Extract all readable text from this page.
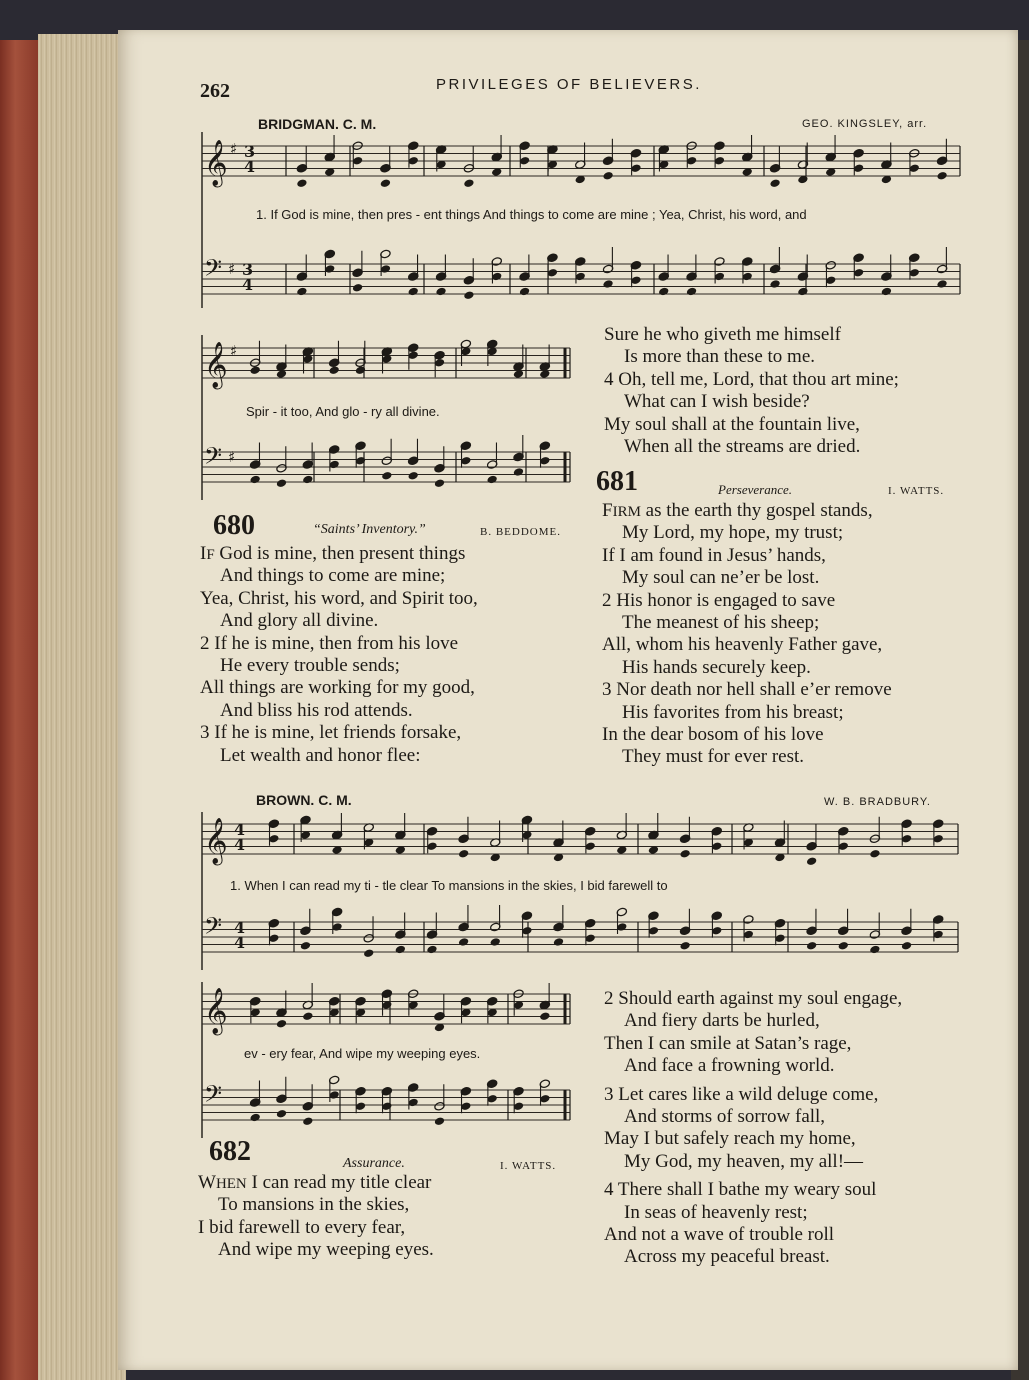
262	PRIVILEGES OF BELIEVERS.
BRIDGMAN. C. M.	GEO. KINGSLEY, arr.
𝄞 ♯ 3
4
𝄢 ♯ 3
4
1. If God is mine, then pres - ent things And things to come are mine ; Yea, Christ, his word, and
𝄞 ♯
𝄢 ♯
Spir - it too, And glo - ry all divine.
680	“Saints’ Inventory.”	B. BEDDOME.
IF God is mine, then present things
And things to come are mine;
Yea, Christ, his word, and Spirit too,
And glory all divine.
2 If he is mine, then from his love
He every trouble sends;
All things are working for my good,
And bliss his rod attends.
3 If he is mine, let friends forsake,
Let wealth and honor flee:
Sure he who giveth me himself
Is more than these to me.
4 Oh, tell me, Lord, that thou art mine;
What can I wish beside?
My soul shall at the fountain live,
When all the streams are dried.
681	Perseverance.	I. WATTS.
FIRM as the earth thy gospel stands,
My Lord, my hope, my trust;
If I am found in Jesus’ hands,
My soul can ne’er be lost.
2 His honor is engaged to save
The meanest of his sheep;
All, whom his heavenly Father gave,
His hands securely keep.
3 Nor death nor hell shall e’er remove
His favorites from his breast;
In the dear bosom of his love
They must for ever rest.
BROWN. C. M.	W. B. BRADBURY.
𝄞 4
4
𝄢 4
4
1. When I can read my ti - tle clear To mansions in the skies, I bid farewell to
𝄞
𝄢
ev - ery fear, And wipe my weeping eyes.
682	Assurance.	I. WATTS.
WHEN I can read my title clear
To mansions in the skies,
I bid farewell to every fear,
And wipe my weeping eyes.
2 Should earth against my soul engage,
And fiery darts be hurled,
Then I can smile at Satan’s rage,
And face a frowning world.
3 Let cares like a wild deluge come,
And storms of sorrow fall,
May I but safely reach my home,
My God, my heaven, my all!—
4 There shall I bathe my weary soul
In seas of heavenly rest;
And not a wave of trouble roll
Across my peaceful breast.
